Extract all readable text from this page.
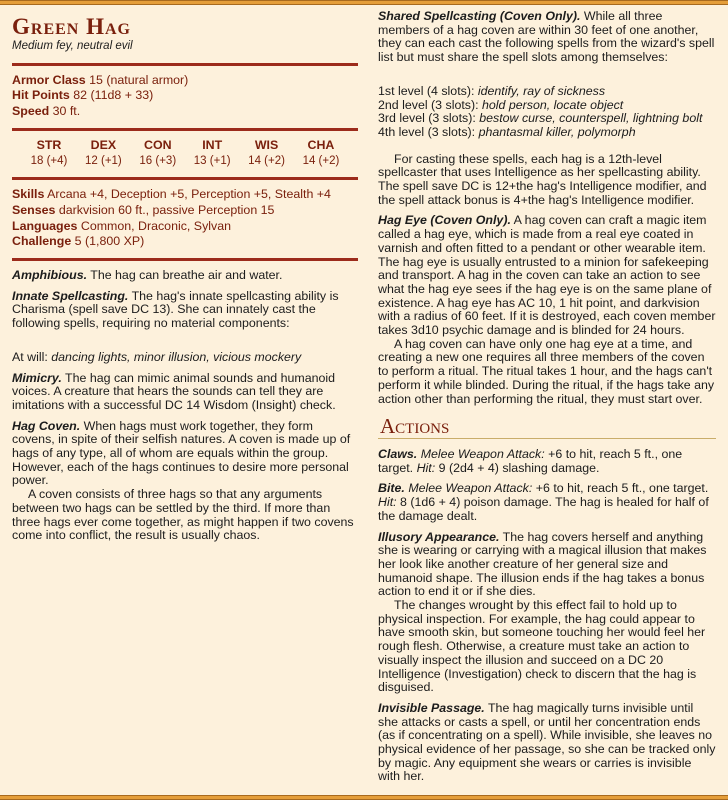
Green Hag
Medium fey, neutral evil
Armor Class 15 (natural armor)
Hit Points 82 (11d8 + 33)
Speed 30 ft.
STR
18 (+4)
DEX
12 (+1)
CON
16 (+3)
INT
13 (+1)
WIS
14 (+2)
CHA
14 (+2)
Skills Arcana +4, Deception +5, Perception +5, Stealth +4
Senses darkvision 60 ft., passive Perception 15
Languages Common, Draconic, Sylvan
Challenge 5 (1,800 XP)

Amphibious. The hag can breathe air and water.

Innate Spellcasting. The hag's innate spellcasting ability is Charisma (spell save DC 13). She can innately cast the following spells, requiring no material components:

At will: dancing lights, minor illusion, vicious mockery

Mimicry. The hag can mimic animal sounds and humanoid voices. A creature that hears the sounds can tell they are imitations with a successful DC 14 Wisdom (Insight) check.

Hag Coven. When hags must work together, they form covens, in spite of their selfish natures. A coven is made up of hags of any type, all of whom are equals within the group. However, each of the hags continues to desire more personal power.

A coven consists of three hags so that any arguments between two hags can be settled by the third. If more than three hags ever come together, as might happen if two covens come into conflict, the result is usually chaos.

Shared Spellcasting (Coven Only). While all three members of a hag coven are within 30 feet of one another, they can each cast the following spells from the wizard's spell list but must share the spell slots among themselves:

1st level (4 slots): identify, ray of sickness
2nd level (3 slots): hold person, locate object
3rd level (3 slots): bestow curse, counterspell, lightning bolt
4th level (3 slots): phantasmal killer, polymorph

For casting these spells, each hag is a 12th-level spellcaster that uses Intelligence as her spellcasting ability. The spell save DC is 12+the hag's Intelligence modifier, and the spell attack bonus is 4+the hag's Intelligence modifier.

Hag Eye (Coven Only). A hag coven can craft a magic item called a hag eye, which is made from a real eye coated in varnish and often fitted to a pendant or other wearable item. The hag eye is usually entrusted to a minion for safekeeping and transport. A hag in the coven can take an action to see what the hag eye sees if the hag eye is on the same plane of existence. A hag eye has AC 10, 1 hit point, and darkvision with a radius of 60 feet. If it is destroyed, each coven member takes 3d10 psychic damage and is blinded for 24 hours.

A hag coven can have only one hag eye at a time, and creating a new one requires all three members of the coven to perform a ritual. The ritual takes 1 hour, and the hags can't perform it while blinded. During the ritual, if the hags take any action other than performing the ritual, they must start over.

Actions

Claws. Melee Weapon Attack: +6 to hit, reach 5 ft., one target. Hit: 9 (2d4 + 4) slashing damage.

Bite. Melee Weapon Attack: +6 to hit, reach 5 ft., one target. Hit: 8 (1d6 + 4) poison damage. The hag is healed for half of the damage dealt.

Illusory Appearance. The hag covers herself and anything she is wearing or carrying with a magical illusion that makes her look like another creature of her general size and humanoid shape. The illusion ends if the hag takes a bonus action to end it or if she dies.

The changes wrought by this effect fail to hold up to physical inspection. For example, the hag could appear to have smooth skin, but someone touching her would feel her rough flesh. Otherwise, a creature must take an action to visually inspect the illusion and succeed on a DC 20 Intelligence (Investigation) check to discern that the hag is disguised.

Invisible Passage. The hag magically turns invisible until she attacks or casts a spell, or until her concentration ends (as if concentrating on a spell). While invisible, she leaves no physical evidence of her passage, so she can be tracked only by magic. Any equipment she wears or carries is invisible with her.
